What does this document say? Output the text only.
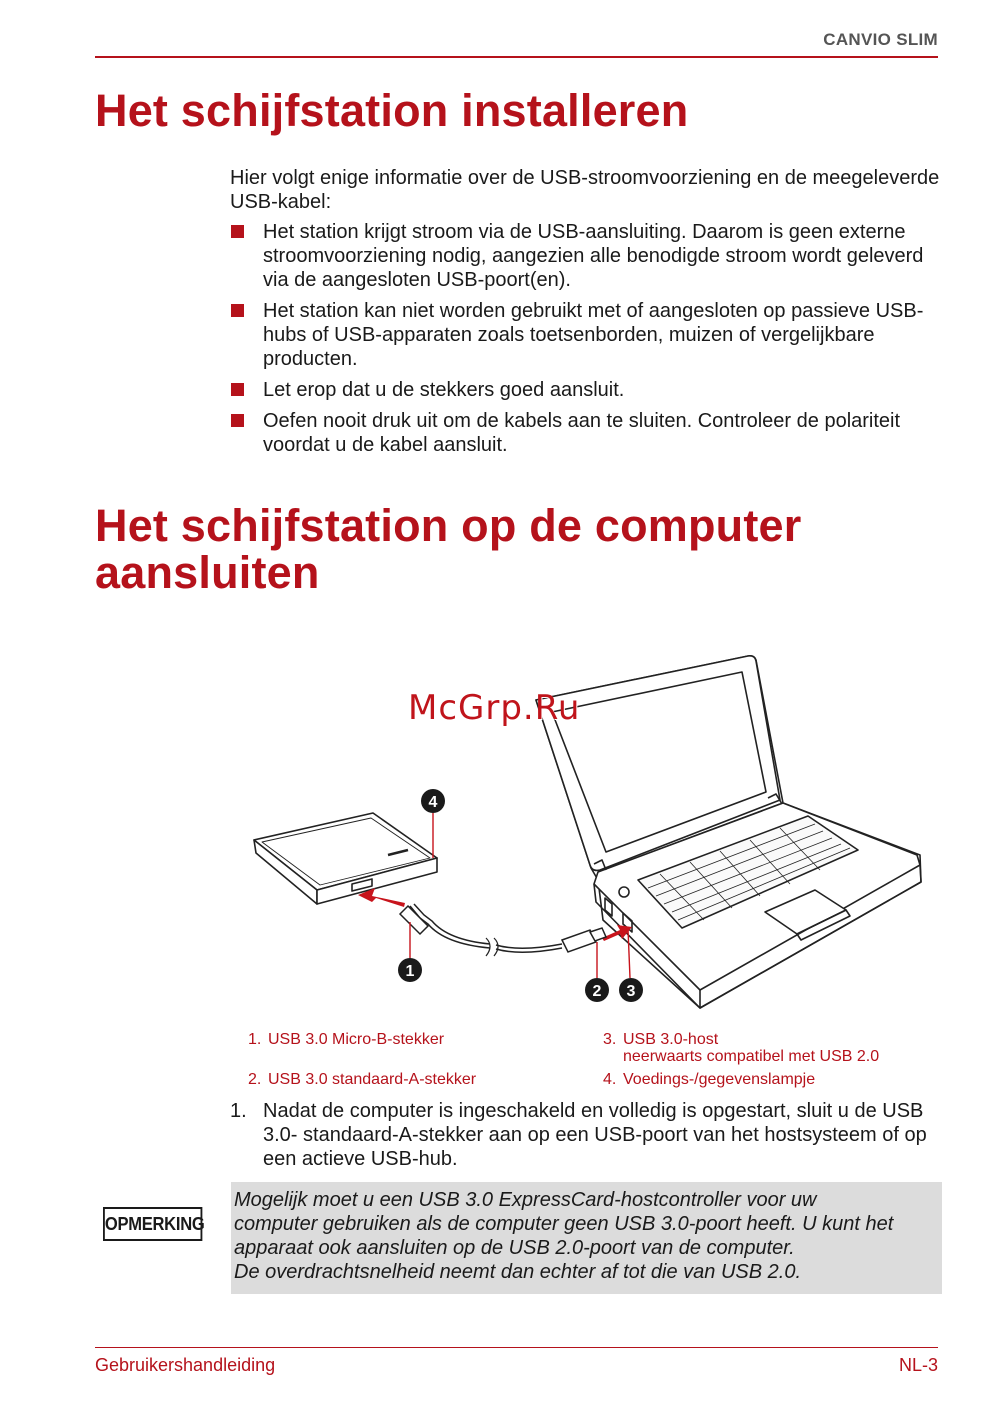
CANVIO SLIM
Het schijfstation installeren
Hier volgt enige informatie over de USB-stroomvoorziening en de meegeleverde USB-kabel:
Het station krijgt stroom via de USB-aansluiting. Daarom is geen externe stroomvoorziening nodig, aangezien alle benodigde stroom wordt geleverd via de aangesloten USB-poort(en).
Het station kan niet worden gebruikt met of aangesloten op passieve USB-hubs of USB-apparaten zoals toetsenborden, muizen of vergelijkbare producten.
Let erop dat u de stekkers goed aansluit.
Oefen nooit druk uit om de kabels aan te sluiten. Controleer de polariteit voordat u de kabel aansluit.
Het schijfstation op de computer
aansluiten
4
1
2 3
McGrp.Ru
1. USB 3.0 Micro-B-stekker
2. USB 3.0 standaard-A-stekker
3. USB 3.0-host
neerwaarts compatibel met USB 2.0
4. Voedings-/gegevenslampje
1. Nadat de computer is ingeschakeld en volledig is opgestart, sluit u de USB 3.0- standaard-A-stekker aan op een USB-poort van het hostsysteem of op een actieve USB-hub.
OPMERKING
Mogelijk moet u een USB 3.0 ExpressCard-hostcontroller voor uw
computer gebruiken als de computer geen USB 3.0-poort heeft. U kunt het
apparaat ook aansluiten op de USB 2.0-poort van de computer.
De overdrachtsnelheid neemt dan echter af tot die van USB 2.0.
Gebruikershandleiding	NL-3
